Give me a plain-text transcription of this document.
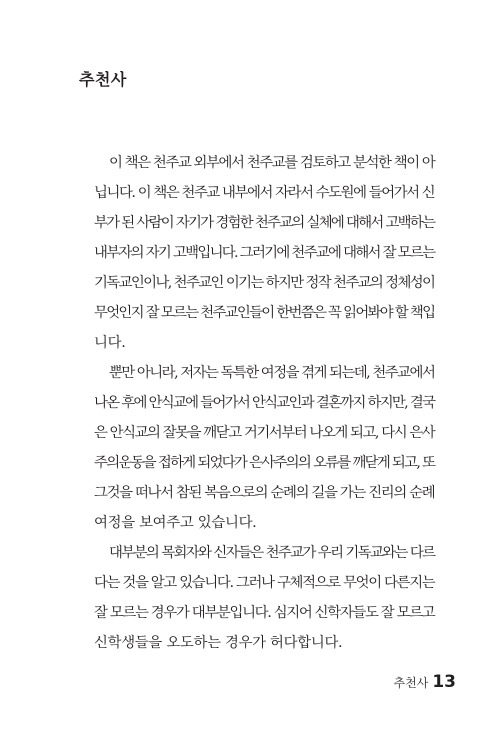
추천사

이 책은 천주교 외부에서 천주교를 검토하고 분석한 책이 아
닙니다. 이 책은 천주교 내부에서 자라서 수도원에 들어가서 신
부가 된 사람이 자기가 경험한 천주교의 실체에 대해서 고백하는
내부자의 자기 고백입니다. 그러기에 천주교에 대해서 잘 모르는
기독교인이나, 천주교인 이기는 하지만 정작 천주교의 정체성이
무엇인지 잘 모르는 천주교인들이 한번쯤은 꼭 읽어봐야 할 책입
니다.

뿐만 아니라, 저자는 독특한 여정을 겪게 되는데, 천주교에서
나온 후에 안식교에 들어가서 안식교인과 결혼까지 하지만, 결국
은 안식교의 잘못을 깨닫고 거기서부터 나오게 되고, 다시 은사
주의운동을 접하게 되었다가 은사주의의 오류를 깨닫게 되고, 또
그것을 떠나서 참된 복음으로의 순례의 길을 가는 진리의 순례
여정을 보여주고 있습니다.

대부분의 목회자와 신자들은 천주교가 우리 기독교와는 다르
다는 것을 알고 있습니다. 그러나 구체적으로 무엇이 다른지는
잘 모르는 경우가 대부분입니다. 심지어 신학자들도 잘 모르고
신학생들을 오도하는 경우가 허다합니다.

추천사 13
